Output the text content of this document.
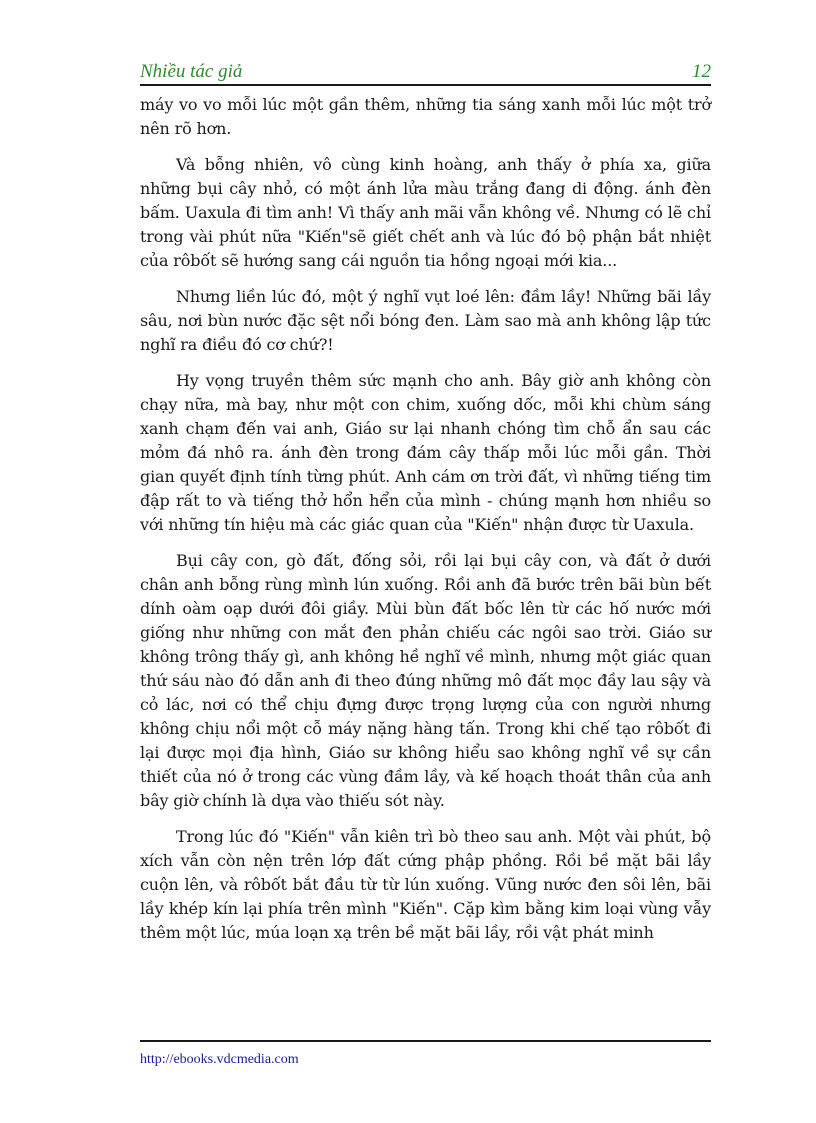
Nhiều tác giả	12

máy vo vo mỗi lúc một gần thêm, những tia sáng xanh mỗi lúc một trở nên rõ hơn.

Và bỗng nhiên, vô cùng kinh hoàng, anh thấy ở phía xa, giữa những bụi cây nhỏ, có một ánh lửa màu trắng đang di động. ánh đèn bấm. Uaxula đi tìm anh! Vì thấy anh mãi vẫn không về. Nhưng có lẽ chỉ trong vài phút nữa "Kiến"sẽ giết chết anh và lúc đó bộ phận bắt nhiệt của rôbốt sẽ hướng sang cái nguồn tia hồng ngoại mới kia...

Nhưng liền lúc đó, một ý nghĩ vụt loé lên: đầm lầy! Những bãi lầy sâu, nơi bùn nước đặc sệt nổi bóng đen. Làm sao mà anh không lập tức nghĩ ra điều đó cơ chứ?!

Hy vọng truyền thêm sức mạnh cho anh. Bây giờ anh không còn chạy nữa, mà bay, như một con chim, xuống dốc, mỗi khi chùm sáng xanh chạm đến vai anh, Giáo sư lại nhanh chóng tìm chỗ ẩn sau các mỏm đá nhô ra. ánh đèn trong đám cây thấp mỗi lúc mỗi gần. Thời gian quyết định tính từng phút. Anh cám ơn trời đất, vì những tiếng tim đập rất to và tiếng thở hổn hển của mình - chúng mạnh hơn nhiều so với những tín hiệu mà các giác quan của "Kiến" nhận được từ Uaxula.

Bụi cây con, gò đất, đống sỏi, rồi lại bụi cây con, và đất ở dưới chân anh bỗng rùng mình lún xuống. Rồi anh đã bước trên bãi bùn bết dính oàm oạp dưới đôi giầy. Mùi bùn đất bốc lên từ các hố nước mới giống như những con mắt đen phản chiếu các ngôi sao trời. Giáo sư không trông thấy gì, anh không hề nghĩ về mình, nhưng một giác quan thứ sáu nào đó dẫn anh đi theo đúng những mô đất mọc đầy lau sậy và cỏ lác, nơi có thể chịu đựng được trọng lượng của con người nhưng không chịu nổi một cỗ máy nặng hàng tấn. Trong khi chế tạo rôbốt đi lại được mọi địa hình, Giáo sư không hiểu sao không nghĩ về sự cần thiết của nó ở trong các vùng đầm lầy, và kế hoạch thoát thân của anh bây giờ chính là dựa vào thiếu sót này.

Trong lúc đó "Kiến" vẫn kiên trì bò theo sau anh. Một vài phút, bộ xích vẫn còn nện trên lớp đất cứng phập phồng. Rồi bề mặt bãi lầy cuộn lên, và rôbốt bắt đầu từ từ lún xuống. Vũng nước đen sôi lên, bãi lầy khép kín lại phía trên mình "Kiến". Cặp kìm bằng kim loại vùng vẫy thêm một lúc, múa loạn xạ trên bề mặt bãi lầy, rồi vật phát minh

http://ebooks.vdcmedia.com
